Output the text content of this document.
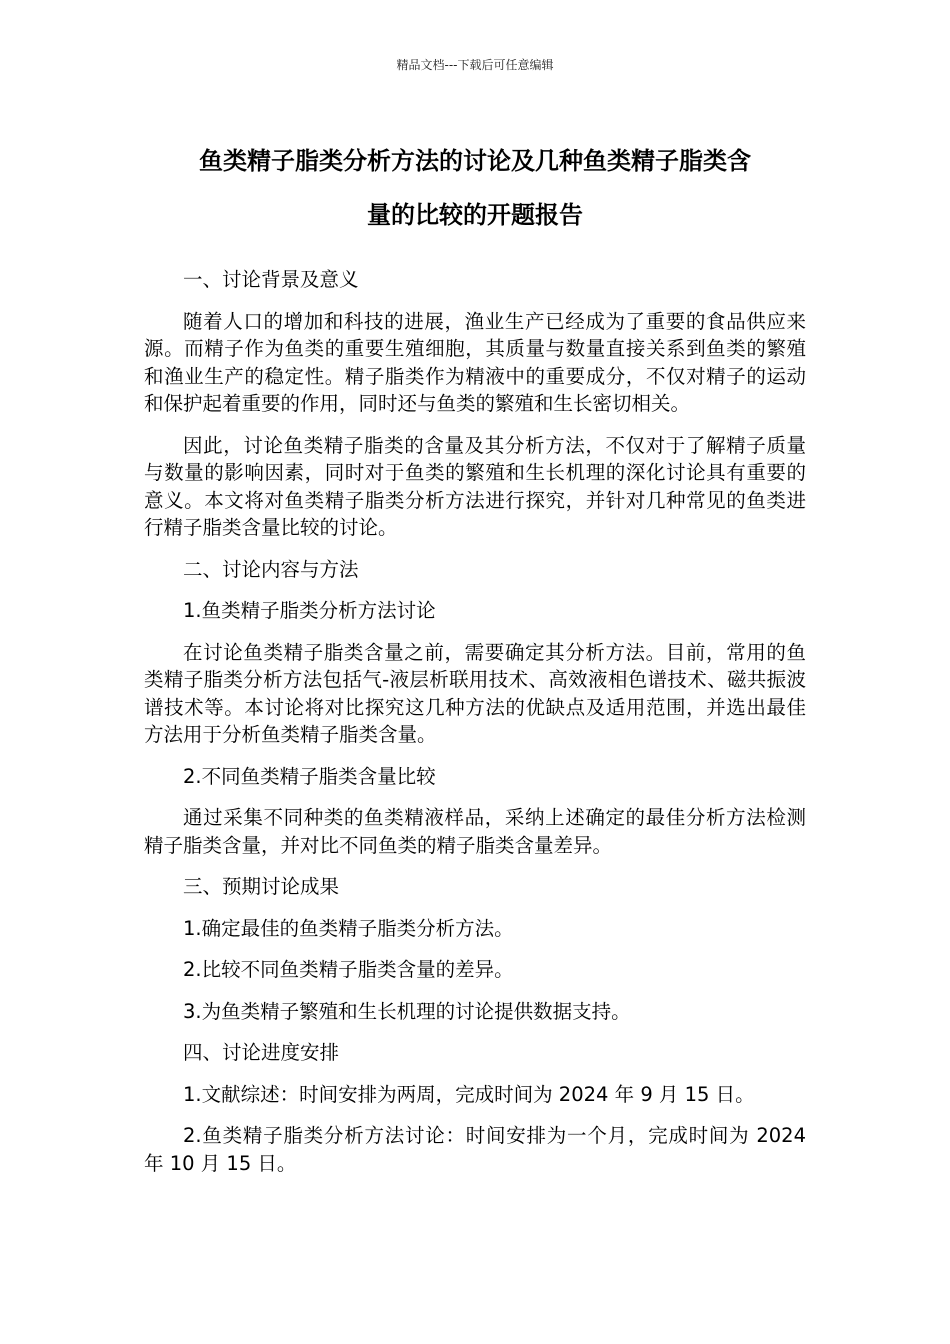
精品文档---下载后可任意编辑
鱼类精子脂类分析方法的讨论及几种鱼类精子脂类含
量的比较的开题报告

一、讨论背景及意义

随着人口的增加和科技的进展，渔业生产已经成为了重要的食品供应来源。而精子作为鱼类的重要生殖细胞，其质量与数量直接关系到鱼类的繁殖和渔业生产的稳定性。精子脂类作为精液中的重要成分，不仅对精子的运动和保护起着重要的作用，同时还与鱼类的繁殖和生长密切相关。

因此，讨论鱼类精子脂类的含量及其分析方法，不仅对于了解精子质量与数量的影响因素，同时对于鱼类的繁殖和生长机理的深化讨论具有重要的意义。本文将对鱼类精子脂类分析方法进行探究，并针对几种常见的鱼类进行精子脂类含量比较的讨论。

二、讨论内容与方法

1.鱼类精子脂类分析方法讨论

在讨论鱼类精子脂类含量之前，需要确定其分析方法。目前，常用的鱼类精子脂类分析方法包括气-液层析联用技术、高效液相色谱技术、磁共振波谱技术等。本讨论将对比探究这几种方法的优缺点及适用范围，并选出最佳方法用于分析鱼类精子脂类含量。

2.不同鱼类精子脂类含量比较

通过采集不同种类的鱼类精液样品，采纳上述确定的最佳分析方法检测精子脂类含量，并对比不同鱼类的精子脂类含量差异。

三、预期讨论成果

1.确定最佳的鱼类精子脂类分析方法。

2.比较不同鱼类精子脂类含量的差异。

3.为鱼类精子繁殖和生长机理的讨论提供数据支持。

四、讨论进度安排

1.文献综述：时间安排为两周，完成时间为 2024 年 9 月 15 日。

2.鱼类精子脂类分析方法讨论：时间安排为一个月，完成时间为 2024 年 10 月 15 日。
